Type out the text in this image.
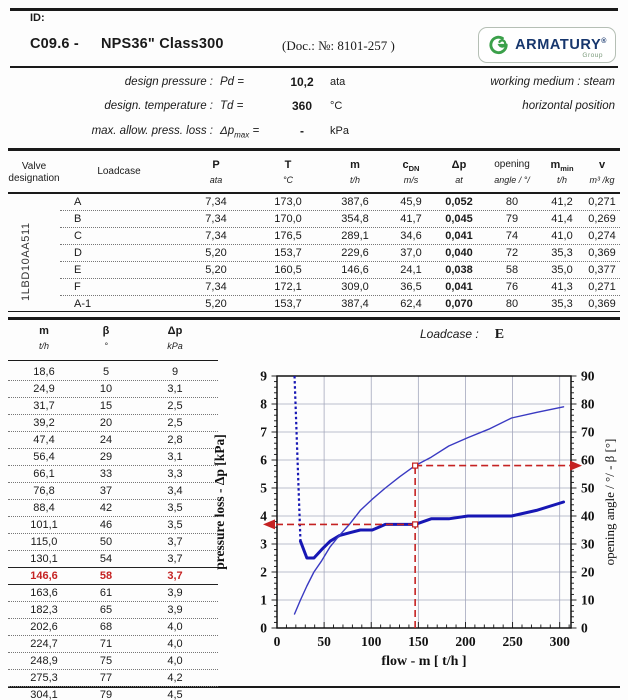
ID:
C09.6 - NPS36" Class300	(Doc.: №: 8101-257 )	ARMATURY®
Group
design pressure : Pd =	10,2	ata	working medium : steam
design. temperature : Td =	360	°C	horizontal position
max. allow. press. loss : $\Delta p_{max}$ =	-	kPa
Valve
designation
Loadcase
P
ata
T
°C
m
t/h
$c_{DN}$
m/s
Δp
at
opening
angle / °/
$m_{min}$
t/h
v
m³ /kg
A	7,34	173,0	387,6	45,9	0,052	80	41,2	0,271
B	7,34	170,0	354,8	41,7	0,045	79	41,4	0,269
C	7,34	176,5	289,1	34,6	0,041	74	41,0	0,274
D	5,20	153,7	229,6	37,0	0,040	72	35,3	0,369
E	5,20	160,5	146,6	24,1	0,038	58	35,0	0,377
F	7,34	172,1	309,0	36,5	0,041	76	41,3	0,271
A-1	5,20	153,7	387,4	62,4	0,070	80	35,3	0,369
1LBD10AA511
m
t/h
β
°
Δp
kPa
18,6	5	9
24,9	10	3,1
31,7	15	2,5
39,2	20	2,5
47,4	24	2,8
56,4	29	3,1
66,1	33	3,3
76,8	37	3,4
88,4	42	3,5
101,1	46	3,5
115,0	50	3,7
130,1	54	3,7
146,6	58	3,7
163,6	61	3,9
182,3	65	3,9
202,6	68	4,0
224,7	71	4,0
248,9	75	4,0
275,3	77	4,2
304,1	79	4,5
Loadcase : E
0
1
2
3
4
5
6
7
8
9
0
10
20
30
40
50
60
70
80
90
0	50 100 150 200 250 300
flow - m [ t/h ]
pressure loss - Δp [kPa]	opening angle / °/ - β [°]
